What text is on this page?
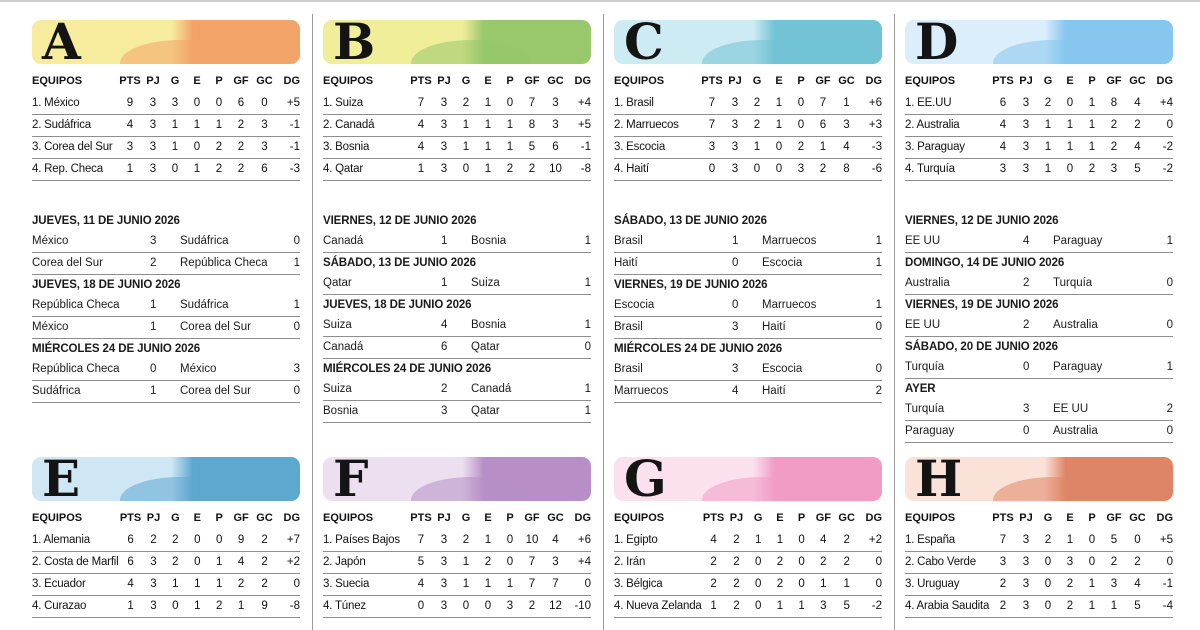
A
EQUIPOS	PTS	PJ	G	E	P	GF	GC	DG
1. México	9	3	3	0	0	6	0	+5
2. Sudáfrica	4	3	1	1	1	2	3	-1
3. Corea del Sur	3	3	1	0	2	2	3	-1
4. Rep. Checa	1	3	0	1	2	2	6	-3
JUEVES, 11 DE JUNIO 2026
México	3 Sudáfrica	0
Corea del Sur	2 República Checa 1
JUEVES, 18 DE JUNIO 2026
República Checa	1 Sudáfrica	1
México	1 Corea del Sur	0
MIÉRCOLES 24 DE JUNIO 2026
República Checa	0 México	3
Sudáfrica	1 Corea del Sur	0
B
EQUIPOS	PTS	PJ	G	E	P	GF	GC	DG
1. Suiza	7	3	2	1	0	7	3	+4
2. Canadá	4	3	1	1	1	8	3	+5
3. Bosnia	4	3	1	1	1	5	6	-1
4. Qatar	1	3	0	1	2	2	10	-8
VIERNES, 12 DE JUNIO 2026
Canadá	1 Bosnia	1
SÁBADO, 13 DE JUNIO 2026
Qatar	1 Suiza	1
JUEVES, 18 DE JUNIO 2026
Suiza	4 Bosnia	1
Canadá	6 Qatar	0
MIÉRCOLES 24 DE JUNIO 2026
Suiza	2 Canadá	1
Bosnia	3 Qatar	1
C
EQUIPOS	PTS	PJ	G	E	P	GF	GC	DG
1. Brasil	7	3	2	1	0	7	1	+6
2. Marruecos	7	3	2	1	0	6	3	+3
3. Escocia	3	3	1	0	2	1	4	-3
4. Haití	0	3	0	0	3	2	8	-6
SÁBADO, 13 DE JUNIO 2026
Brasil	1 Marruecos	1
Haití	0 Escocia	1
VIERNES, 19 DE JUNIO 2026
Escocia	0 Marruecos	1
Brasil	3 Haití	0
MIÉRCOLES 24 DE JUNIO 2026
Brasil	3 Escocia	0
Marruecos	4 Haití	2
D
EQUIPOS	PTS	PJ	G	E	P	GF	GC	DG
1. EE.UU	6	3	2	0	1	8	4	+4
2. Australia	4	3	1	1	1	2	2	0
3. Paraguay	4	3	1	1	1	2	4	-2
4. Turquía	3	3	1	0	2	3	5	-2
VIERNES, 12 DE JUNIO 2026
EE UU	4 Paraguay	1
DOMINGO, 14 DE JUNIO 2026
Australia	2 Turquía	0
VIERNES, 19 DE JUNIO 2026
EE UU	2 Australia	0
SÁBADO, 20 DE JUNIO 2026
Turquía	0 Paraguay	1
AYER
Turquía	3 EE UU	2
Paraguay	0 Australia	0
E
EQUIPOS	PTS	PJ	G	E	P	GF	GC	DG
1. Alemania	6	2	2	0	0	9	2	+7
2. Costa de Marfil	6	3	2	0	1	4	2	+2
3. Ecuador	4	3	1	1	1	2	2	0
4. Curazao	1	3	0	1	2	1	9	-8
F
EQUIPOS	PTS	PJ	G	E	P	GF	GC	DG
1. Países Bajos	7	3	2	1	0	10	4	+6
2. Japón	5	3	1	2	0	7	3	+4
3. Suecia	4	3	1	1	1	7	7	0
4. Túnez	0	3	0	0	3	2	12	-10
G
EQUIPOS	PTS	PJ	G	E	P	GF	GC	DG
1. Egipto	4	2	1	1	0	4	2	+2
2. Irán	2	2	0	2	0	2	2	0
3. Bélgica	2	2	0	2	0	1	1	0
4. Nueva Zelanda	1	2	0	1	1	3	5	-2
H
EQUIPOS	PTS	PJ	G	E	P	GF	GC	DG
1. España	7	3	2	1	0	5	0	+5
2. Cabo Verde	3	3	0	3	0	2	2	0
3. Uruguay	2	3	0	2	1	3	4	-1
4. Arabia Saudita	2	3	0	2	1	1	5	-4
